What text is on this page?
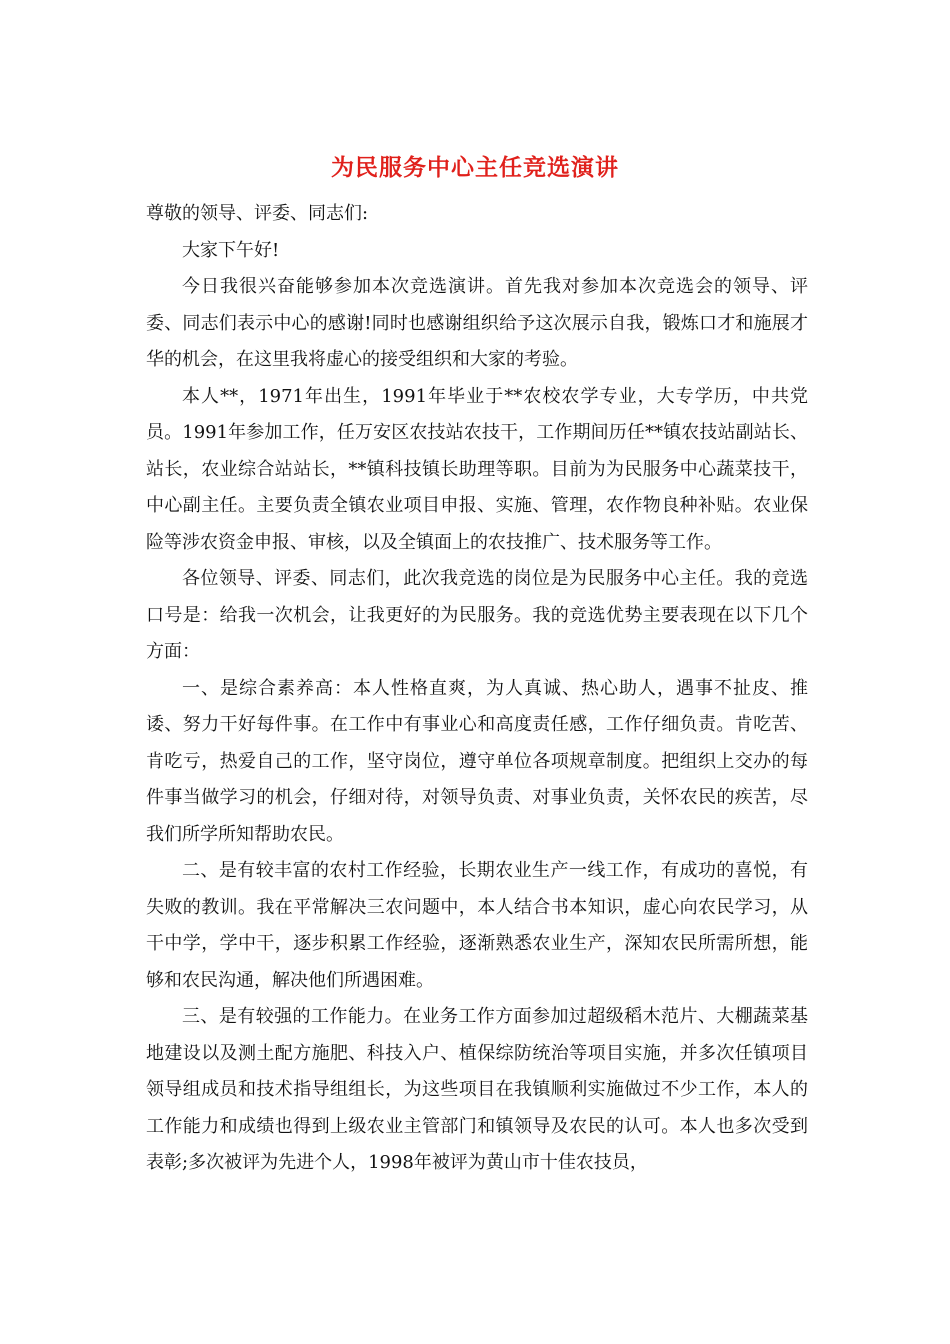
为民服务中心主任竞选演讲

尊敬的领导、评委、同志们:

大家下午好!

今日我很兴奋能够参加本次竞选演讲。首先我对参加本次竞选会的领导、评委、同志们表示中心的感谢!同时也感谢组织给予这次展示自我，锻炼口才和施展才华的机会，在这里我将虚心的接受组织和大家的考验。

本人**，1971年出生，1991年毕业于**农校农学专业，大专学历，中共党员。1991年参加工作，任万安区农技站农技干，工作期间历任**镇农技站副站长、站长，农业综合站站长，**镇科技镇长助理等职。目前为为民服务中心蔬菜技干，中心副主任。主要负责全镇农业项目申报、实施、管理，农作物良种补贴。农业保险等涉农资金申报、审核，以及全镇面上的农技推广、技术服务等工作。

各位领导、评委、同志们，此次我竞选的岗位是为民服务中心主任。我的竞选口号是：给我一次机会，让我更好的为民服务。我的竞选优势主要表现在以下几个方面：

一、是综合素养高：本人性格直爽，为人真诚、热心助人，遇事不扯皮、推诿、努力干好每件事。在工作中有事业心和高度责任感，工作仔细负责。肯吃苦、肯吃亏，热爱自己的工作，坚守岗位，遵守单位各项规章制度。把组织上交办的每件事当做学习的机会，仔细对待，对领导负责、对事业负责，关怀农民的疾苦，尽我们所学所知帮助农民。

二、是有较丰富的农村工作经验，长期农业生产一线工作，有成功的喜悦，有失败的教训。我在平常解决三农问题中，本人结合书本知识，虚心向农民学习，从干中学，学中干，逐步积累工作经验，逐渐熟悉农业生产，深知农民所需所想，能够和农民沟通，解决他们所遇困难。

三、是有较强的工作能力。在业务工作方面参加过超级稻木范片、大棚蔬菜基地建设以及测土配方施肥、科技入户、植保综防统治等项目实施，并多次任镇项目领导组成员和技术指导组组长，为这些项目在我镇顺利实施做过不少工作，本人的工作能力和成绩也得到上级农业主管部门和镇领导及农民的认可。本人也多次受到表彰;多次被评为先进个人，1998年被评为黄山市十佳农技员，
